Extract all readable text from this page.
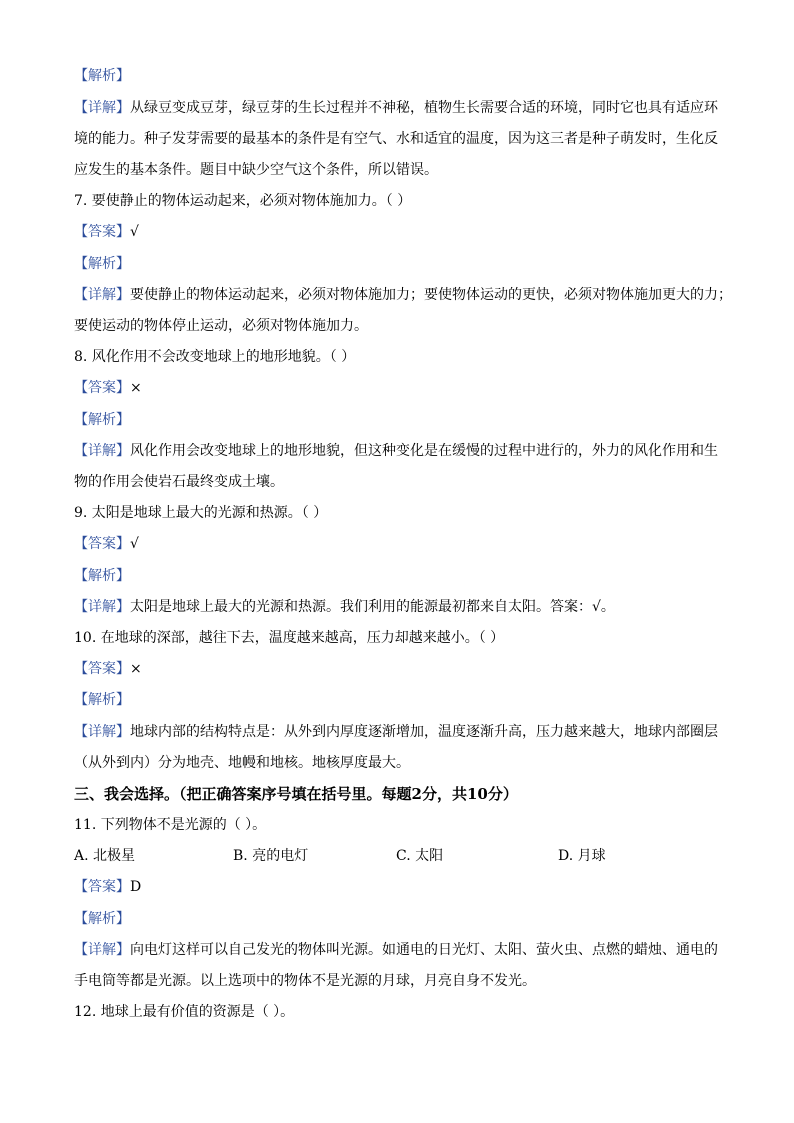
【解析】
【详解】从绿豆变成豆芽，绿豆芽的生长过程并不神秘，植物生长需要合适的环境，同时它也具有适应环
境的能力。种子发芽需要的最基本的条件是有空气、水和适宜的温度，因为这三者是种子萌发时，生化反
应发生的基本条件。题目中缺少空气这个条件，所以错误。
7. 要使静止的物体运动起来，必须对物体施加力。（ ）
【答案】√
【解析】
【详解】要使静止的物体运动起来，必须对物体施加力；要使物体运动的更快，必须对物体施加更大的力；
要使运动的物体停止运动，必须对物体施加力。
8. 风化作用不会改变地球上的地形地貌。（ ）
【答案】×
【解析】
【详解】风化作用会改变地球上的地形地貌，但这种变化是在缓慢的过程中进行的，外力的风化作用和生
物的作用会使岩石最终变成土壤。
9. 太阳是地球上最大的光源和热源。（ ）
【答案】√
【解析】
【详解】太阳是地球上最大的光源和热源。我们利用的能源最初都来自太阳。答案：√。
10. 在地球的深部，越往下去，温度越来越高，压力却越来越小。（ ）
【答案】×
【解析】
【详解】地球内部的结构特点是：从外到内厚度逐渐增加，温度逐渐升高，压力越来越大，地球内部圈层
（从外到内）分为地壳、地幔和地核。地核厚度最大。
三、我会选择。（把正确答案序号填在括号里。每题2分，共10分）
11. 下列物体不是光源的（ ）。
A. 北极星	B. 亮的电灯	C. 太阳	D. 月球
【答案】D
【解析】
【详解】向电灯这样可以自己发光的物体叫光源。如通电的日光灯、太阳、萤火虫、点燃的蜡烛、通电的
手电筒等都是光源。以上选项中的物体不是光源的月球，月亮自身不发光。
12. 地球上最有价值的资源是（ ）。
